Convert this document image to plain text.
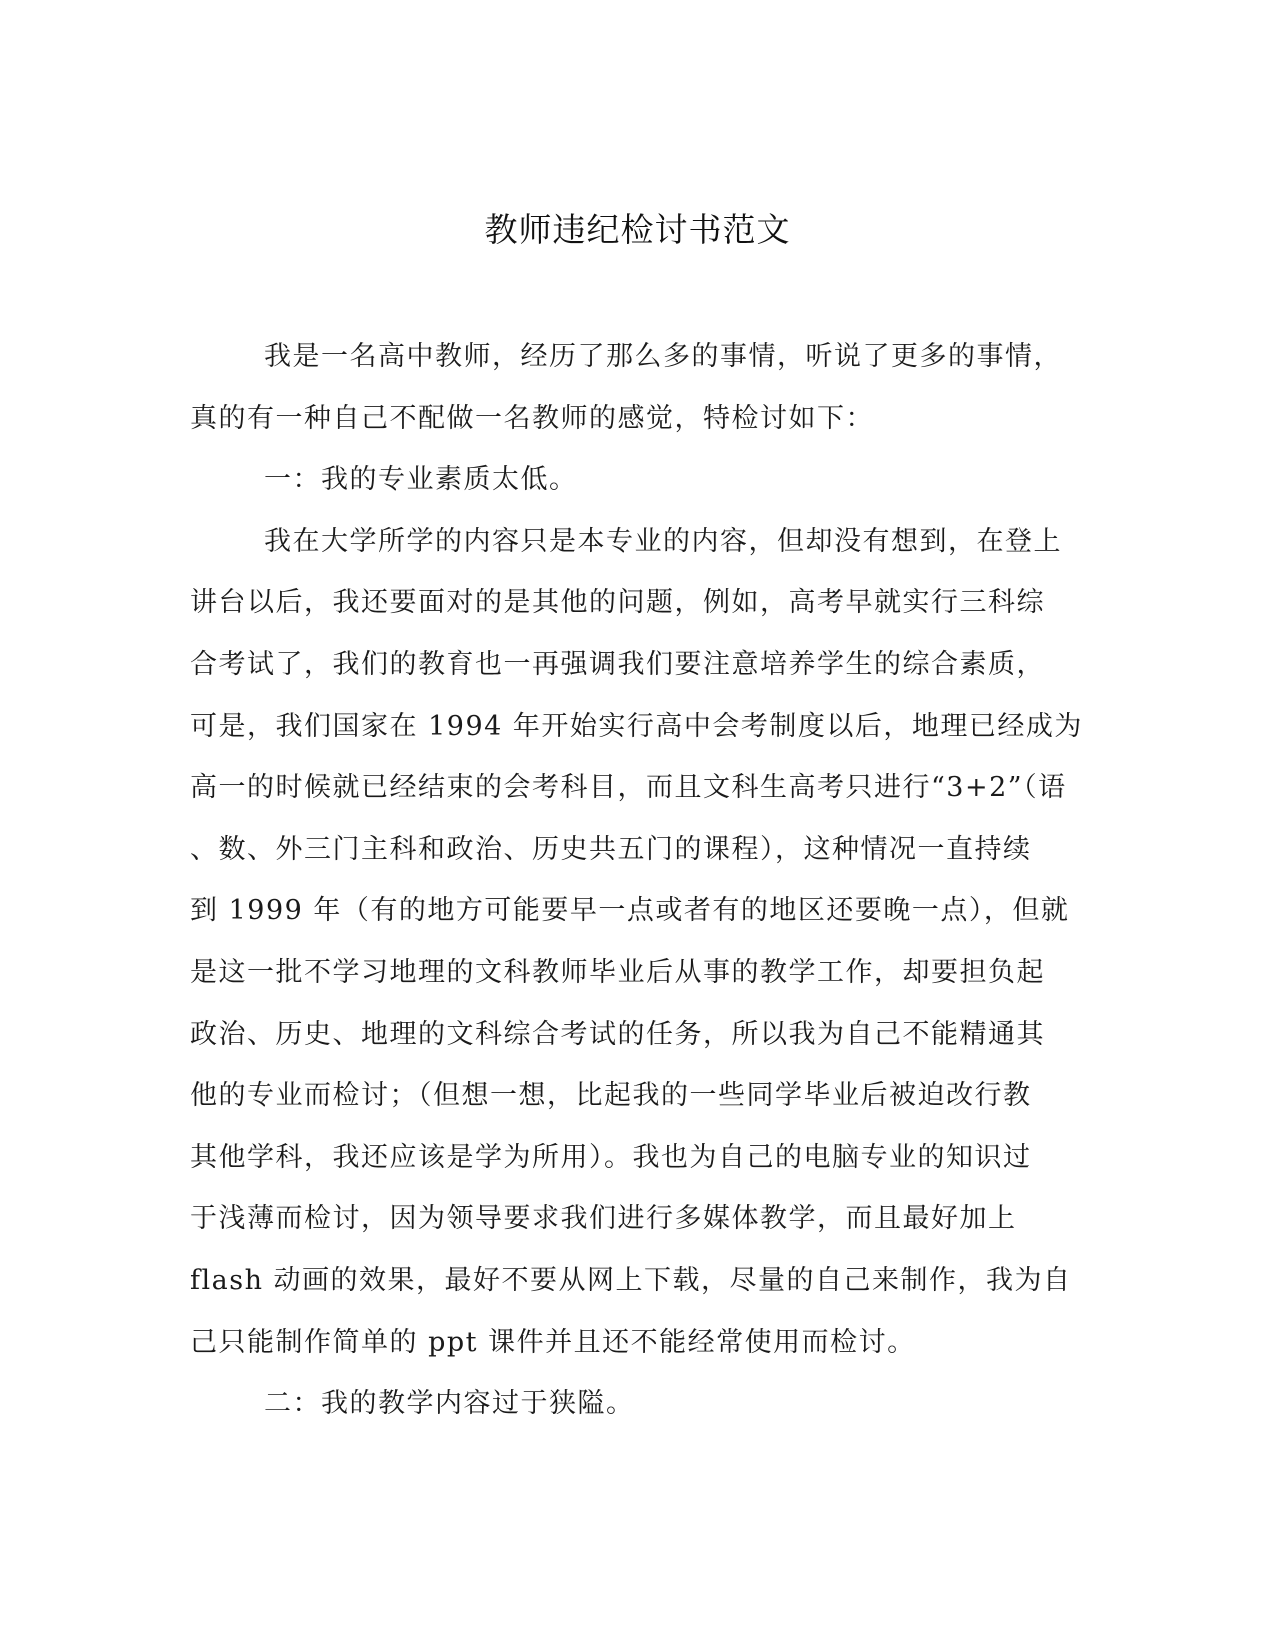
教师违纪检讨书范文
我是一名高中教师，经历了那么多的事情，听说了更多的事情，
真的有一种自己不配做一名教师的感觉，特检讨如下：
一：我的专业素质太低。
我在大学所学的内容只是本专业的内容，但却没有想到，在登上
讲台以后，我还要面对的是其他的问题，例如，高考早就实行三科综
合考试了，我们的教育也一再强调我们要注意培养学生的综合素质，
可是，我们国家在 1994 年开始实行高中会考制度以后，地理已经成为
高一的时候就已经结束的会考科目，而且文科生高考只进行“3+2”（语
、数、外三门主科和政治、历史共五门的课程），这种情况一直持续
到 1999 年（有的地方可能要早一点或者有的地区还要晚一点），但就
是这一批不学习地理的文科教师毕业后从事的教学工作，却要担负起
政治、历史、地理的文科综合考试的任务，所以我为自己不能精通其
他的专业而检讨；（但想一想，比起我的一些同学毕业后被迫改行教
其他学科，我还应该是学为所用）。我也为自己的电脑专业的知识过
于浅薄而检讨，因为领导要求我们进行多媒体教学，而且最好加上
flash 动画的效果，最好不要从网上下载，尽量的自己来制作，我为自
己只能制作简单的 ppt 课件并且还不能经常使用而检讨。
二：我的教学内容过于狭隘。
